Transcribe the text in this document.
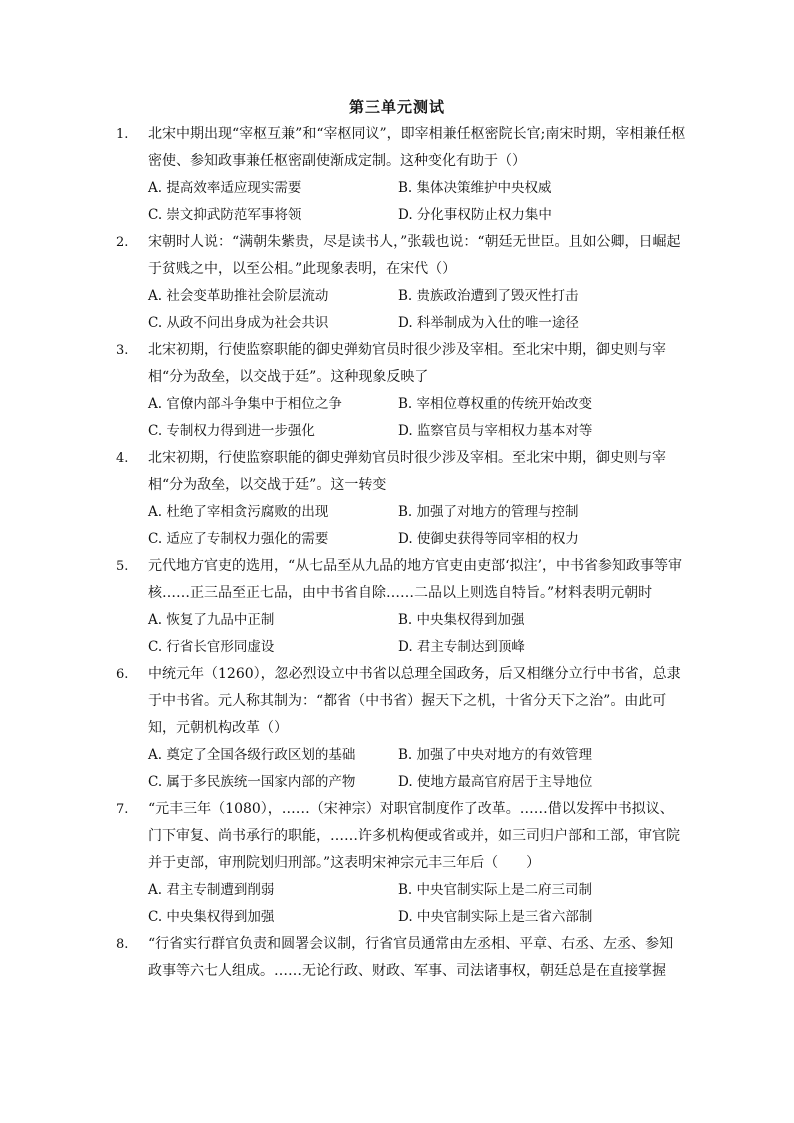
第三单元测试
1.	北宋中期出现“宰枢互兼”和“宰枢同议”，即宰相兼任枢密院长官;南宋时期，宰相兼任枢密使、参知政事兼任枢密副使渐成定制。这种变化有助于（）
A. 提高效率适应现实需要	B. 集体决策维护中央权威
C. 崇文抑武防范军事将领	D. 分化事权防止权力集中
2.	宋朝时人说：“满朝朱紫贵，尽是读书人，”张载也说：“朝廷无世臣。且如公卿，日崛起于贫贱之中，以至公相。”此现象表明，在宋代（）
A. 社会变革助推社会阶层流动	B. 贵族政治遭到了毁灭性打击
C. 从政不问出身成为社会共识	D. 科举制成为入仕的唯一途径
3.	北宋初期，行使监察职能的御史弹劾官员时很少涉及宰相。至北宋中期，御史则与宰相“分为敌垒，以交战于廷”。这种现象反映了
A. 官僚内部斗争集中于相位之争	B. 宰相位尊权重的传统开始改变
C. 专制权力得到进一步强化	D. 监察官员与宰相权力基本对等
4.	北宋初期，行使监察职能的御史弹劾官员时很少涉及宰相。至北宋中期，御史则与宰相“分为敌垒，以交战于廷”。这一转变
A. 杜绝了宰相贪污腐败的出现	B. 加强了对地方的管理与控制
C. 适应了专制权力强化的需要	D. 使御史获得等同宰相的权力
5.	元代地方官吏的选用，“从七品至从九品的地方官吏由吏部‘拟注’，中书省参知政事等审核……正三品至正七品，由中书省自除……二品以上则选自特旨。”材料表明元朝时
A. 恢复了九品中正制	B. 中央集权得到加强
C. 行省长官形同虚设	D. 君主专制达到顶峰
6.	中统元年（1260），忽必烈设立中书省以总理全国政务，后又相继分立行中书省，总隶于中书省。元人称其制为：“都省（中书省）握天下之机，十省分天下之治”。由此可知，元朝机构改革（）
A. 奠定了全国各级行政区划的基础	B. 加强了中央对地方的有效管理
C. 属于多民族统一国家内部的产物	D. 使地方最高官府居于主导地位
7.	“元丰三年（1080），……（宋神宗）对职官制度作了改革。……借以发挥中书拟议、门下审复、尚书承行的职能，……许多机构便或省或并，如三司归户部和工部，审官院并于吏部，审刑院划归刑部。”这表明宋神宗元丰三年后（　　）
A. 君主专制遭到削弱	B. 中央官制实际上是二府三司制
C. 中央集权得到加强	D. 中央官制实际上是三省六部制
8.	“行省实行群官负责和圆署会议制，行省官员通常由左丞相、平章、右丞、左丞、参知政事等六七人组成。……无论行政、财政、军事、司法诸事权，朝廷总是在直接掌握
